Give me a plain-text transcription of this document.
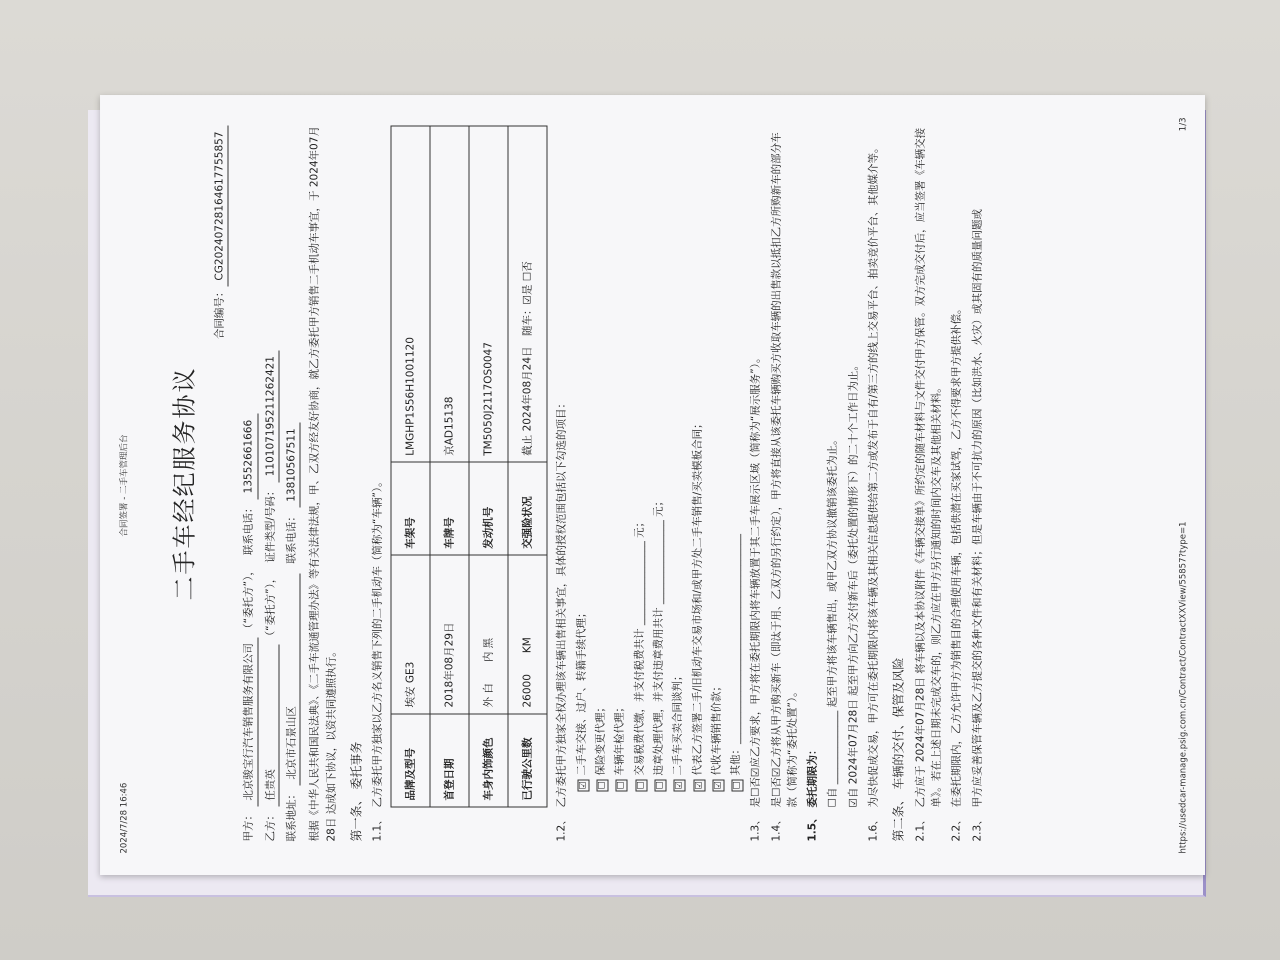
2024/7/28 16:46
合同签署 - 二手车管理后台 二手车经纪服务协议
合同编号：CG20240728164617755857
甲方： 北京骏宝行汽车销售服务有限公司 （“委托方”），   联系电话： 13552661666
乙方： 任贵英 （“委托方”），   证件类型/号码： 110107195211262421
联系地址： 北京市石景山区   联系电话： 13810567511	根据《中华人民共和国民法典》、《二手车流通管理办法》等有关法律法规，甲、乙双方经友好协商，就乙方委托甲方销售二手机动车事宜，于 2024年07月28日 达成如下协议，以资共同遵照执行。 第一条、 委托事务 1.1、
乙方委托甲方独家以乙方名义销售下列的二手机动车（简称为“车辆”）。 品牌及型号	埃安 GE3	车架号	LMGHP1S56H1001120
首登日期	2018年08月29日	车牌号	京AD15138
车身内饰颜色	外 白　　内 黑	发动机号	TM5050J2117OS0047
已行驶公里数	26000　　KM	交强险状况	截止 2024年08月24日　随车：☑是 ☐否
1.2、
乙方委托甲方独家全权办理该车辆出售相关事宜，具体的授权范围包括以下勾选的项目：	☑二手车交接、过户、转籍手续代理；
☐保险变更代理；
☐车辆年检代理；
☐交易税费代缴，并支付税费共计 ________________ 元；
☐违章处理代理，并支付违章费用共计 ________________ 元；
☑二手车买卖合同谈判；
☑代表乙方签署二手/旧机动车交易市场和/或甲方处二手车销售/买卖模板合同；
☑代收车辆销售价款；
☐其他：________________________________________
1.3、
是☐否☑应乙方要求，甲方将在委托期限内将车辆放置于其二手车展示区域（简称为“展示服务”）。
1.4、
是☐否☑乙方将从甲方购买新车（即汰于用、乙双方的另行约定），甲方将直接从该委托车辆购买方收取车辆的出售款以抵扣乙方所购新车的部分车款（简称为“委托处置”）。
1.5、
委托期限为： ☐自 ______________ 起至甲方将该车辆售出，或甲乙双方协议撤销该委托为止。 ☑自 2024年07月28日 起至甲方向乙方交付新车后（委托处置的情形下）的二十个工作日为止。
1.6、
为尽快促成交易，甲方可在委托期限内将该车辆及其相关信息提供给第二方或发布于自有/第三方的线上交易平台、拍卖竞价平台、其他媒介等。 第二条、 车辆的交付、保管及风险 2.1、
乙方应于 2024年07月28日 将车辆以及本协议附件《车辆交接单》所约定的随车材料与文件交付甲方保管。双方完成交付后，应当签署《车辆交接单》。若在上述日期未完成交车的，则乙方应在甲方另行通知的时间内交车及其他相关材料。
2.2、
在委托期限内，乙方允许甲方为销售目的合理使用车辆，包括供潜在买家试驾，乙方不得要求甲方提供补偿。
2.3、
甲方应妥善保管车辆及乙方提交的各种文件和有关材料；但是车辆由于不可抗力的原因（比如洪水、火灾）或其固有的质量问题或	https://usedcar-manage.psig.com.cn/Contract/ContractXXView/55857?type=1
1/3
